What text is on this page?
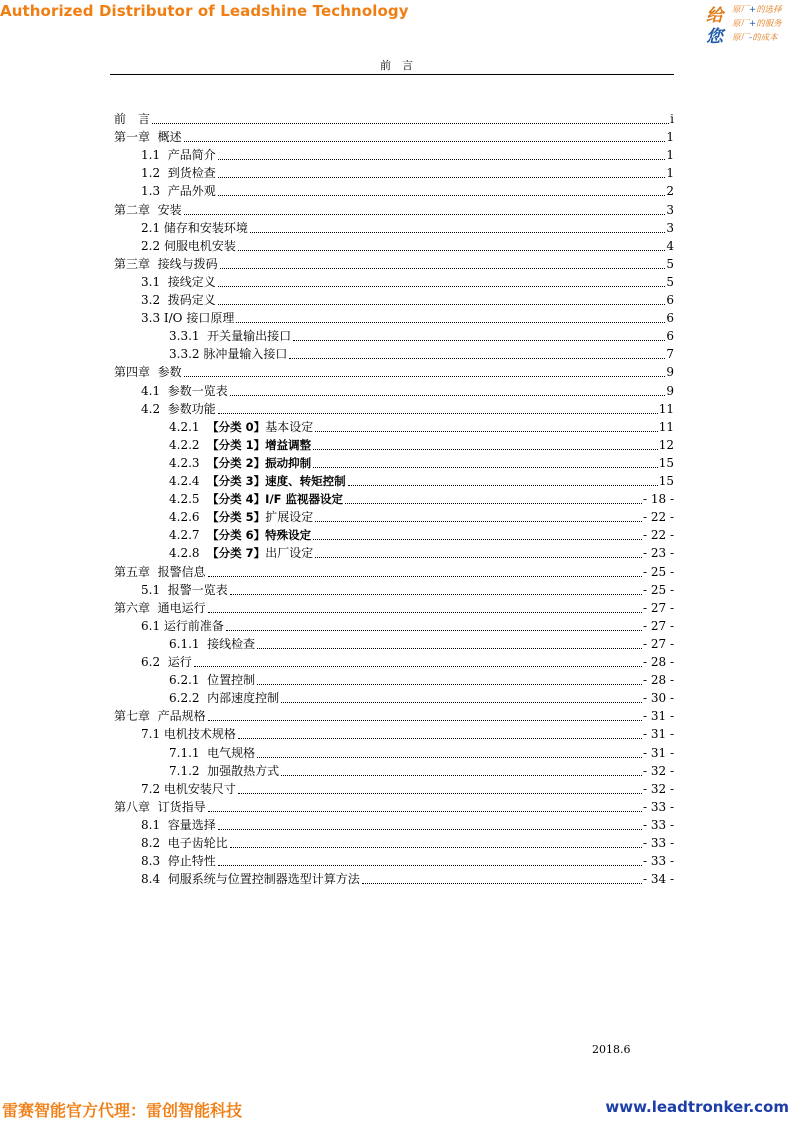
Authorized Distributor of Leadshine Technology	给
您
原厂+的选择
原厂+的服务
原厂-的成本
前　言
前　言	i
第一章  概述	1
1.1  产品简介	1
1.2  到货检查	1
1.3  产品外观	2
第二章  安装	3
2.1 储存和安装环境	3
2.2 伺服电机安装	4
第三章  接线与拨码	5
3.1  接线定义	5
3.2  拨码定义	6
3.3 I/O 接口原理	6
3.3.1  开关量输出接口	6
3.3.2 脉冲量输入接口	7
第四章  参数	9
4.1  参数一览表	9
4.2  参数功能	11
4.2.1  【分类 0】基本设定	11
4.2.2  【分类 1】增益调整	12
4.2.3  【分类 2】振动抑制	15
4.2.4  【分类 3】速度、转矩控制	15
4.2.5  【分类 4】I/F 监视器设定	- 18 -
4.2.6  【分类 5】扩展设定	- 22 -
4.2.7  【分类 6】特殊设定	- 22 -
4.2.8  【分类 7】出厂设定	- 23 -
第五章  报警信息	- 25 -
5.1  报警一览表	- 25 -
第六章  通电运行	- 27 -
6.1 运行前准备	- 27 -
6.1.1  接线检查	- 27 -
6.2  运行	- 28 -
6.2.1  位置控制	- 28 -
6.2.2  内部速度控制	- 30 -
第七章  产品规格	- 31 -
7.1 电机技术规格	- 31 -
7.1.1  电气规格	- 31 -
7.1.2  加强散热方式	- 32 -
7.2 电机安装尺寸	- 32 -
第八章  订货指导	- 33 -
8.1  容量选择	- 33 -
8.2  电子齿轮比	- 33 -
8.3  停止特性	- 33 -
8.4  伺服系统与位置控制器选型计算方法	- 34 -
2018.6
雷赛智能官方代理：雷创智能科技	www.leadtronker.com
